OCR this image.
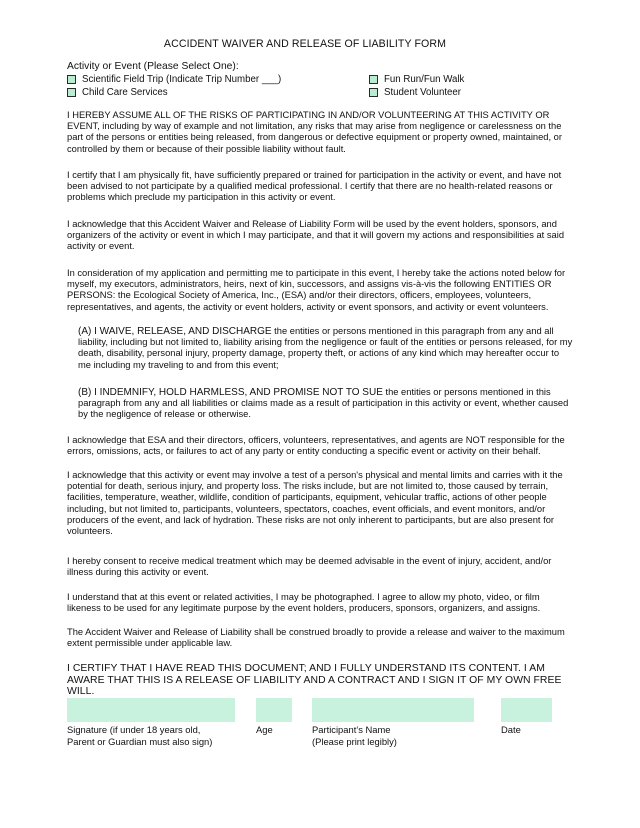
ACCIDENT WAIVER AND RELEASE OF LIABILITY FORM
Activity or Event (Please Select One):
Scientific Field Trip (Indicate Trip Number ___)
Child Care Services
Fun Run/Fun Walk
Student Volunteer
I HEREBY ASSUME ALL OF THE RISKS OF PARTICIPATING IN AND/OR VOLUNTEERING AT THIS ACTIVITY OR EVENT, including by way of example and not limitation, any risks that may arise from negligence or carelessness on the part of the persons or entities being released, from dangerous or defective equipment or property owned, maintained, or controlled by them or because of their possible liability without fault.
I certify that I am physically fit, have sufficiently prepared or trained for participation in the activity or event, and have not been advised to not participate by a qualified medical professional. I certify that there are no health-related reasons or problems which preclude my participation in this activity or event.
I acknowledge that this Accident Waiver and Release of Liability Form will be used by the event holders, sponsors, and organizers of the activity or event in which I may participate, and that it will govern my actions and responsibilities at said activity or event.
In consideration of my application and permitting me to participate in this event, I hereby take the actions noted below for myself, my executors, administrators, heirs, next of kin, successors, and assigns vis-à-vis the following ENTITIES OR PERSONS: the Ecological Society of America, Inc., (ESA) and/or their directors, officers, employees, volunteers, representatives, and agents, the activity or event holders, activity or event sponsors, and activity or event volunteers.
(A) I WAIVE, RELEASE, AND DISCHARGE the entities or persons mentioned in this paragraph from any and all liability, including but not limited to, liability arising from the negligence or fault of the entities or persons released, for my death, disability, personal injury, property damage, property theft, or actions of any kind which may hereafter occur to me including my traveling to and from this event;
(B) I INDEMNIFY, HOLD HARMLESS, AND PROMISE NOT TO SUE the entities or persons mentioned in this paragraph from any and all liabilities or claims made as a result of participation in this activity or event, whether caused by the negligence of release or otherwise.
I acknowledge that ESA and their directors, officers, volunteers, representatives, and agents are NOT responsible for the errors, omissions, acts, or failures to act of any party or entity conducting a specific event or activity on their behalf.
I acknowledge that this activity or event may involve a test of a person's physical and mental limits and carries with it the potential for death, serious injury, and property loss. The risks include, but are not limited to, those caused by terrain, facilities, temperature, weather, wildlife, condition of participants, equipment, vehicular traffic, actions of other people including, but not limited to, participants, volunteers, spectators, coaches, event officials, and event monitors, and/or producers of the event, and lack of hydration. These risks are not only inherent to participants, but are also present for volunteers.
I hereby consent to receive medical treatment which may be deemed advisable in the event of injury, accident, and/or illness during this activity or event.
I understand that at this event or related activities, I may be photographed. I agree to allow my photo, video, or film likeness to be used for any legitimate purpose by the event holders, producers, sponsors, organizers, and assigns.
The Accident Waiver and Release of Liability shall be construed broadly to provide a release and waiver to the maximum extent permissible under applicable law.
I CERTIFY THAT I HAVE READ THIS DOCUMENT; AND I FULLY UNDERSTAND ITS CONTENT. I AM AWARE THAT THIS IS A RELEASE OF LIABILITY AND A CONTRACT AND I SIGN IT OF MY OWN FREE WILL.
Signature (if under 18 years old,
Parent or Guardian must also sign)
Age	Participant’s Name
(Please print legibly)
Date
